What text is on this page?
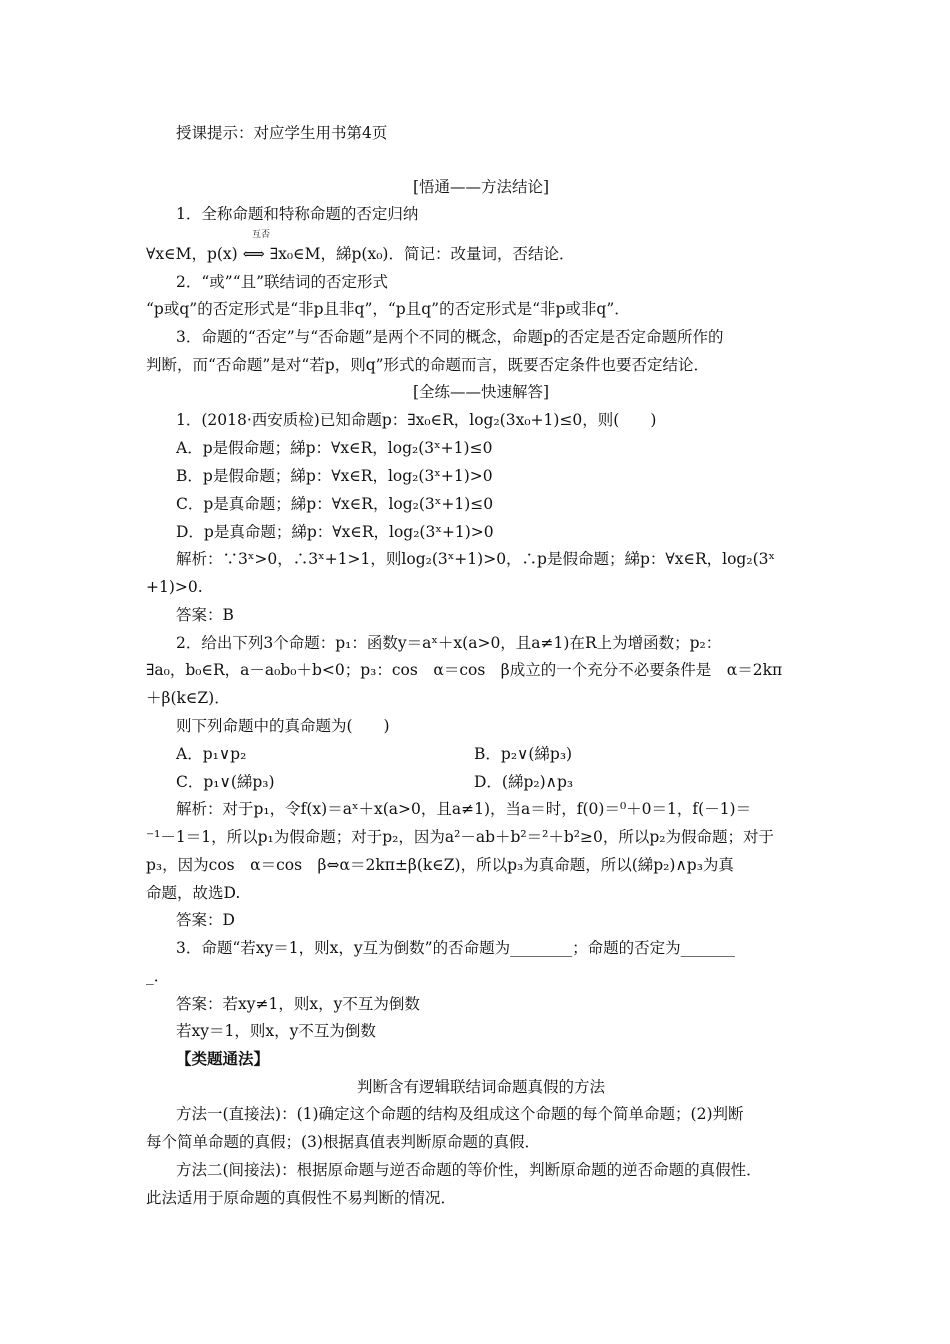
授课提示：对应学生用书第4页
[悟通——方法结论]
1．全称命题和特称命题的否定归纳
互否
∀x∈M，p(x) ⟺ ∃x₀∈M，綈p(x₀)．简记：改量词，否结论．
2．“或”“且”联结词的否定形式
“p或q”的否定形式是“非p且非q”，“p且q”的否定形式是“非p或非q”．
3．命题的“否定”与“否命题”是两个不同的概念，命题p的否定是否定命题所作的
判断，而“否命题”是对“若p，则q”形式的命题而言，既要否定条件也要否定结论．
[全练——快速解答]
1．(2018·西安质检)已知命题p：∃x₀∈R，log₂(3x₀+1)≤0，则(　　)
A．p是假命题；綈p：∀x∈R，log₂(3ˣ+1)≤0
B．p是假命题；綈p：∀x∈R，log₂(3ˣ+1)>0
C．p是真命题；綈p：∀x∈R，log₂(3ˣ+1)≤0
D．p是真命题；綈p：∀x∈R，log₂(3ˣ+1)>0
解析：∵3ˣ>0，∴3ˣ+1>1，则log₂(3ˣ+1)>0，∴p是假命题；綈p：∀x∈R，log₂(3ˣ
+1)>0.
答案：B
2．给出下列3个命题：p₁：函数y＝aˣ＋x(a>0，且a≠1)在R上为增函数；p₂：
∃a₀，b₀∈R，a－a₀b₀＋b<0；p₃：cos　α＝cos　β成立的一个充分不必要条件是　α＝2kπ
＋β(k∈Z)．
则下列命题中的真命题为(　　)
A．p₁∨p₂	B．p₂∨(綈p₃)
C．p₁∨(綈p₃)	D．(綈p₂)∧p₃
解析：对于p₁，令f(x)＝aˣ＋x(a>0，且a≠1)，当a＝时，f(0)＝⁰＋0＝1，f(－1)＝
⁻¹－1＝1，所以p₁为假命题；对于p₂，因为a²－ab＋b²＝²＋b²≥0，所以p₂为假命题；对于
p₃，因为cos　α＝cos　β⇔α＝2kπ±β(k∈Z)，所以p₃为真命题，所以(綈p₂)∧p₃为真
命题，故选D.
答案：D
3．命题“若xy＝1，则x，y互为倒数”的否命题为________；命题的否定为_______
_．
答案：若xy≠1，则x，y不互为倒数
若xy＝1，则x，y不互为倒数
【类题通法】
判断含有逻辑联结词命题真假的方法
方法一(直接法)：(1)确定这个命题的结构及组成这个命题的每个简单命题；(2)判断
每个简单命题的真假；(3)根据真值表判断原命题的真假．
方法二(间接法)：根据原命题与逆否命题的等价性，判断原命题的逆否命题的真假性．
此法适用于原命题的真假性不易判断的情况．
